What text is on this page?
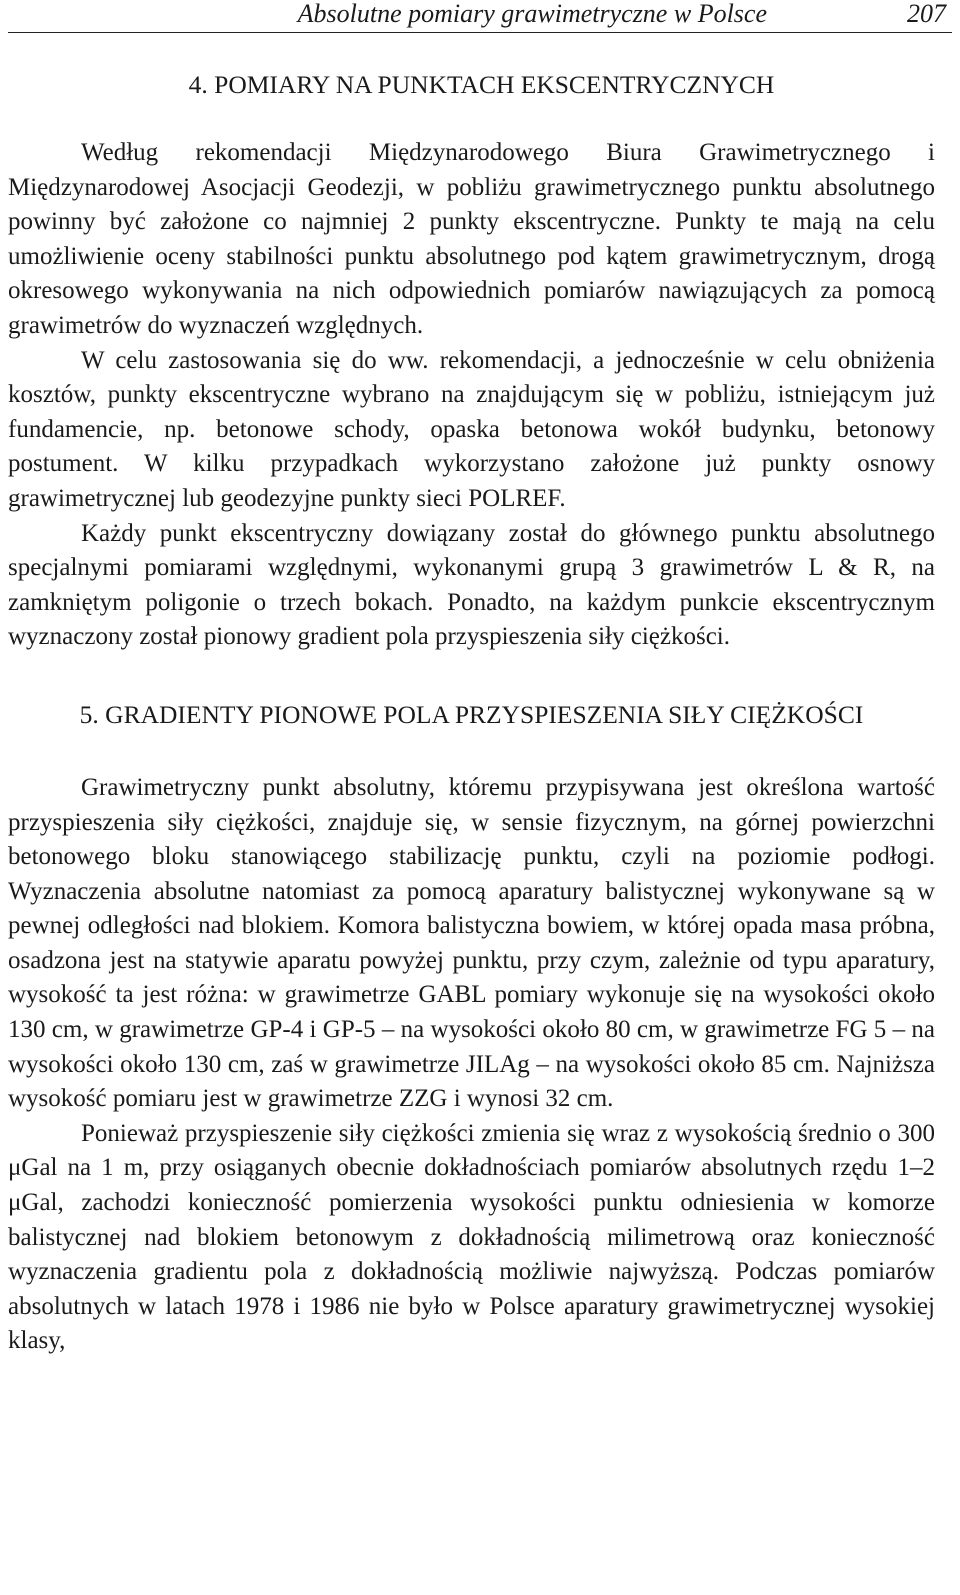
Absolutne pomiary grawimetryczne w Polsce	207
4. POMIARY NA PUNKTACH EKSCENTRYCZNYCH

Według rekomendacji Międzynarodowego Biura Grawimetrycznego i Międzynarodowej Asocjacji Geodezji, w pobliżu grawimetrycznego punktu absolutnego powinny być założone co najmniej 2 punkty ekscentryczne. Punkty te mają na celu umożliwienie oceny stabilności punktu absolutnego pod kątem grawimetrycznym, drogą okresowego wykonywania na nich odpowiednich pomiarów nawiązujących za pomocą grawimetrów do wyznaczeń względnych.

W celu zastosowania się do ww. rekomendacji, a jednocześnie w celu obniżenia kosztów, punkty ekscentryczne wybrano na znajdującym się w pobliżu, istniejącym już fundamencie, np. betonowe schody, opaska betonowa wokół budynku, betonowy postument. W kilku przypadkach wykorzystano założone już punkty osnowy grawimetrycznej lub geodezyjne punkty sieci POLREF.

Każdy punkt ekscentryczny dowiązany został do głównego punktu absolutnego specjalnymi pomiarami względnymi, wykonanymi grupą 3 grawimetrów L & R, na zamkniętym poligonie o trzech bokach. Ponadto, na każdym punkcie ekscentrycznym wyznaczony został pionowy gradient pola przyspieszenia siły ciężkości.

5. GRADIENTY PIONOWE POLA PRZYSPIESZENIA SIŁY CIĘŻKOŚCI

Grawimetryczny punkt absolutny, któremu przypisywana jest określona wartość przyspieszenia siły ciężkości, znajduje się, w sensie fizycznym, na górnej powierzchni betonowego bloku stanowiącego stabilizację punktu, czyli na poziomie podłogi. Wyznaczenia absolutne natomiast za pomocą aparatury balistycznej wykonywane są w pewnej odległości nad blokiem. Komora balistyczna bowiem, w której opada masa próbna, osadzona jest na statywie aparatu powyżej punktu, przy czym, zależnie od typu aparatury, wysokość ta jest różna: w grawimetrze GABL pomiary wykonuje się na wysokości około 130 cm, w grawimetrze GP-4 i GP-5 – na wysokości około 80 cm, w grawimetrze FG 5 – na wysokości około 130 cm, zaś w grawimetrze JILAg – na wysokości około 85 cm. Najniższa wysokość pomiaru jest w grawimetrze ZZG i wynosi 32 cm.

Ponieważ przyspieszenie siły ciężkości zmienia się wraz z wysokością średnio o 300 μGal na 1 m, przy osiąganych obecnie dokładnościach pomiarów absolutnych rzędu 1–2 μGal, zachodzi konieczność pomierzenia wysokości punktu odniesienia w komorze balistycznej nad blokiem betonowym z dokładnością milimetrową oraz konieczność wyznaczenia gradientu pola z dokładnością możliwie najwyższą. Podczas pomiarów absolutnych w latach 1978 i 1986 nie było w Polsce aparatury grawimetrycznej wysokiej klasy,
